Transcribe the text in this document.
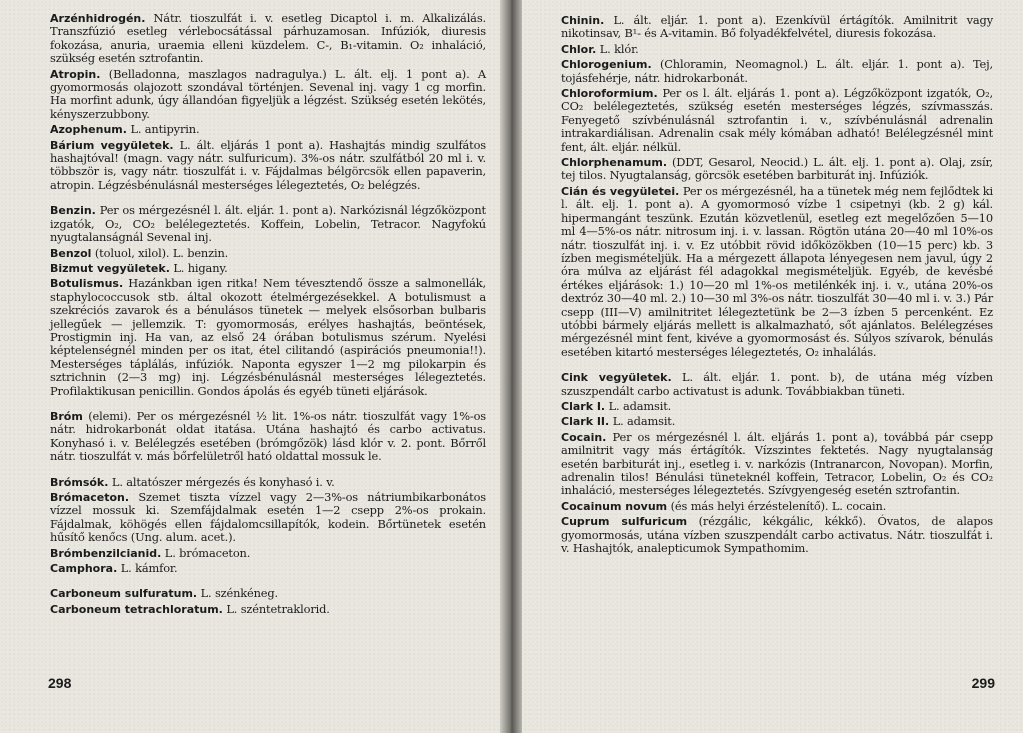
Arzénhidrogén. Nátr. tioszulfát i. v. esetleg Dicaptol i. m. Alkalizálás. Transzfúzió esetleg vérlebocsátással párhuzamosan. Infúziók, diuresis fokozása, anuria, uraemia elleni küzdelem. C-, B₁-vitamin. O₂ inhaláció, szükség esetén sztrofantin.

Atropin. (Belladonna, maszlagos nadragulya.) L. ált. elj. 1 pont a). A gyomormosás olajozott szondával történjen. Sevenal inj. vagy 1 cg morfin. Ha morfint adunk, úgy állandóan figyeljük a légzést. Szükség esetén lekötés, kényszerzubbony.

Azophenum. L. antipyrin.

Bárium vegyületek. L. ált. eljárás 1 pont a). Hashajtás mindig szulfátos hashajtóval! (magn. vagy nátr. sulfuricum). 3%-os nátr. szulfátból 20 ml i. v. többször is, vagy nátr. tioszulfát i. v. Fájdalmas bélgörcsök ellen papaverin, atropin. Légzésbénulásnál mesterséges lélegeztetés, O₂ belégzés.

Benzin. Per os mérgezésnél l. ált. eljár. 1. pont a). Narkózisnál légzőközpont izgatók, O₂, CO₂ belélegeztetés. Koffein, Lobelin, Tetracor. Nagyfokú nyugtalanságnál Sevenal inj.

Benzol (toluol, xilol). L. benzin.

Bizmut vegyületek. L. higany.

Botulismus. Hazánkban igen ritka! Nem tévesztendő össze a salmonellák, staphylococcusok stb. által okozott ételmérgezésekkel. A botulismust a szekréciós zavarok és a bénulásos tünetek — melyek elsősorban bulbaris jellegűek — jellemzik. T: gyomormosás, erélyes hashajtás, beöntések, Prostigmin inj. Ha van, az első 24 órában botulismus szérum. Nyelési képtelenségnél minden per os itat, étel cilitandó (aspirációs pneumonia!!). Mesterséges táplálás, infúziók. Naponta egyszer 1—2 mg pilokarpin és sztrichnin (2—3 mg) inj. Légzésbénulásnál mesterséges lélegeztetés. Profilaktikusan penicillin. Gondos ápolás és egyéb tüneti eljárások.

Bróm (elemi). Per os mérgezésnél ½ lit. 1%-os nátr. tioszulfát vagy 1%-os nátr. hidrokarbonát oldat itatása. Utána hashajtó és carbo activatus. Konyhasó i. v. Belélegzés esetében (brómgőzök) lásd klór v. 2. pont. Bőrről nátr. tioszulfát v. más bőrfelületről ható oldattal mossuk le.

Brómsók. L. altatószer mérgezés és konyhasó i. v.

Brómaceton. Szemet tiszta vízzel vagy 2—3%-os nátriumbikarbonátos vízzel mossuk ki. Szemfájdalmak esetén 1—2 csepp 2%-os prokain. Fájdalmak, köhögés ellen fájdalomcsillapítók, kodein. Bőrtünetek esetén hűsítő kenőcs (Ung. alum. acet.).

Brómbenzilcianid. L. brómaceton.

Camphora. L. kámfor.

Carboneum sulfuratum. L. szénkéneg.

Carboneum tetrachloratum. L. széntetraklorid.

298

Chinin. L. ált. eljár. 1. pont a). Ezenkívül értágítók. Amilnitrit vagy nikotinsav, B¹- és A-vitamin. Bő folyadékfelvétel, diuresis fokozása.

Chlor. L. klór.

Chlorogenium. (Chloramin, Neomagnol.) L. ált. eljár. 1. pont a). Tej, tojásfehérje, nátr. hidrokarbonát.

Chloroformium. Per os l. ált. eljárás 1. pont a). Légzőközpont izgatók, O₂, CO₂ belélegeztetés, szükség esetén mesterséges légzés, szívmasszás. Fenyegető szívbénulásnál sztrofantin i. v., szívbénulásnál adrenalin intrakardiálisan. Adrenalin csak mély kómában adható! Belélegzésnél mint fent, ált. eljár. nélkül.

Chlorphenamum. (DDT, Gesarol, Neocid.) L. ált. elj. 1. pont a). Olaj, zsír, tej tilos. Nyugtalanság, görcsök esetében barbiturát inj. Infúziók.

Cián és vegyületei. Per os mérgezésnél, ha a tünetek még nem fejlődtek ki l. ált. elj. 1. pont a). A gyomormosó vízbe 1 csipetnyi (kb. 2 g) kál. hipermangánt teszünk. Ezután közvetlenül, esetleg ezt megelőzően 5—10 ml 4—5%-os nátr. nitrosum inj. i. v. lassan. Rögtön utána 20—40 ml 10%-os nátr. tioszulfát inj. i. v. Ez utóbbit rövid időközökben (10—15 perc) kb. 3 ízben megismételjük. Ha a mérgezett állapota lényegesen nem javul, úgy 2 óra múlva az eljárást fél adagokkal megismételjük. Egyéb, de kevésbé értékes eljárások: 1.) 10—20 ml 1%-os metilénkék inj. i. v., utána 20%-os dextróz 30—40 ml. 2.) 10—30 ml 3%-os nátr. tioszulfát 30—40 ml i. v. 3.) Pár csepp (III—V) amilnitritet lélegeztetünk be 2—3 ízben 5 percenként. Ez utóbbi bármely eljárás mellett is alkalmazható, sőt ajánlatos. Belélegzéses mérgezésnél mint fent, kivéve a gyomormosást és. Súlyos szívarok, bénulás esetében kitartó mesterséges lélegeztetés, O₂ inhalálás.

Cink vegyületek. L. ált. eljár. 1. pont. b), de utána még vízben szuszpendált carbo activatust is adunk. Továbbiakban tüneti.

Clark I. L. adamsit.

Clark II. L. adamsit.

Cocain. Per os mérgezésnél l. ált. eljárás 1. pont a), továbbá pár csepp amilnitrit vagy más értágítók. Vízszintes fektetés. Nagy nyugtalanság esetén barbiturát inj., esetleg i. v. narkózis (Intranarcon, Novopan). Morfin, adrenalin tilos! Bénulási tüneteknél koffein, Tetracor, Lobelin, O₂ és CO₂ inhaláció, mesterséges lélegeztetés. Szívgyengeség esetén sztrofantin.

Cocainum novum (és más helyi érzéstelenítő). L. cocain.

Cuprum sulfuricum (rézgálic, kékgálic, kékkő). Óvatos, de alapos gyomormosás, utána vízben szuszpendált carbo activatus. Nátr. tioszulfát i. v. Hashajtók, analepticumok Sympathomim.

299
